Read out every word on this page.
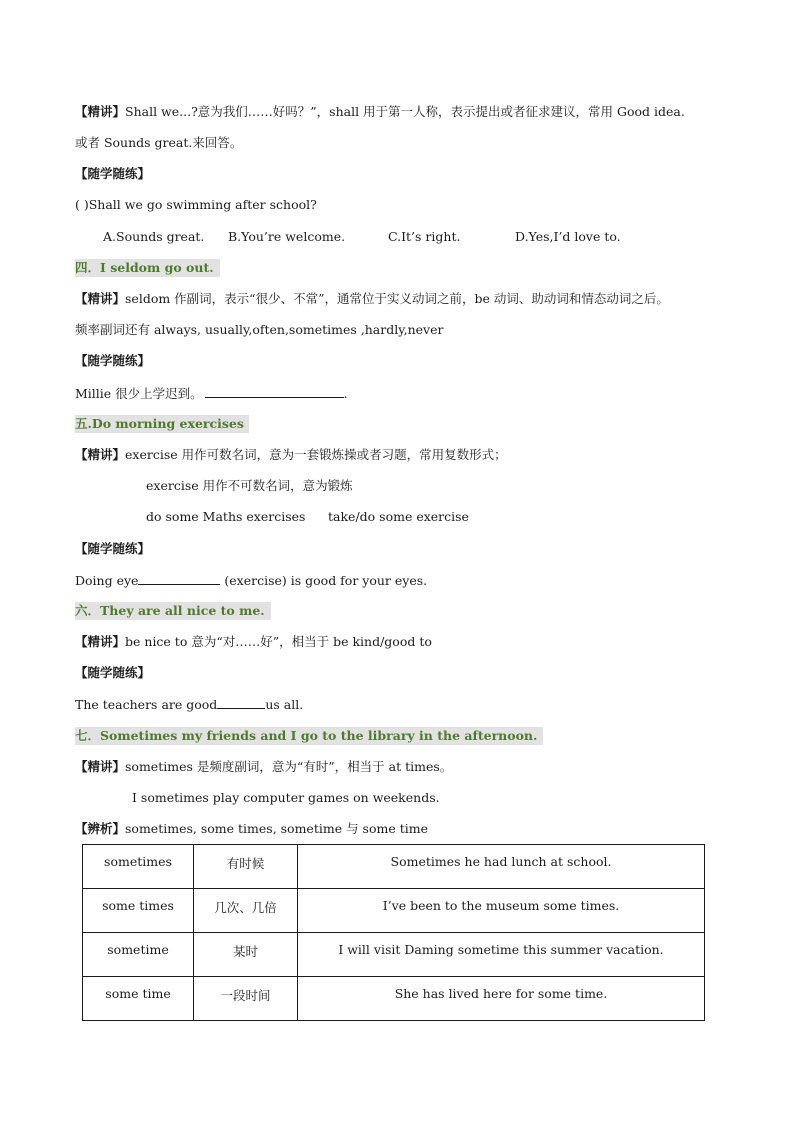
【精讲】Shall we...?意为我们……好吗？”，shall 用于第一人称，表示提出或者征求建议，常用 Good idea.
或者 Sounds great.来回答。
【随学随练】
( )Shall we go swimming after school?
A.Sounds great. B.You’re welcome.	C.It’s right.	D.Yes,I’d love to.
四．I seldom go out.
【精讲】seldom 作副词，表示“很少、不常”，通常位于实义动词之前，be 动词、助动词和情态动词之后。
频率副词还有 always, usually,often,sometimes ,hardly,never
【随学随练】
Millie 很少上学迟到。	.
五.Do morning exercises
【精讲】exercise 用作可数名词，意为一套锻炼操或者习题，常用复数形式；
exercise 用作不可数名词，意为锻炼
do some Maths exercises take/do some exercise
【随学随练】
Doing eye	(exercise) is good for your eyes.
六．They are all nice to me.
【精讲】be nice to 意为“对……好”，相当于 be kind/good to
【随学随练】
The teachers are good	us all.
七．Sometimes my friends and I go to the library in the afternoon.
【精讲】sometimes 是频度副词，意为“有时”，相当于 at times。
I sometimes play computer games on weekends.
【辨析】sometimes, some times, sometime 与 some time
sometimes	有时候	Sometimes he had lunch at school.
some times	几次、几倍	I’ve been to the museum some times.
sometime	某时	I will visit Daming sometime this summer vacation.
some time	一段时间	She has lived here for some time.
